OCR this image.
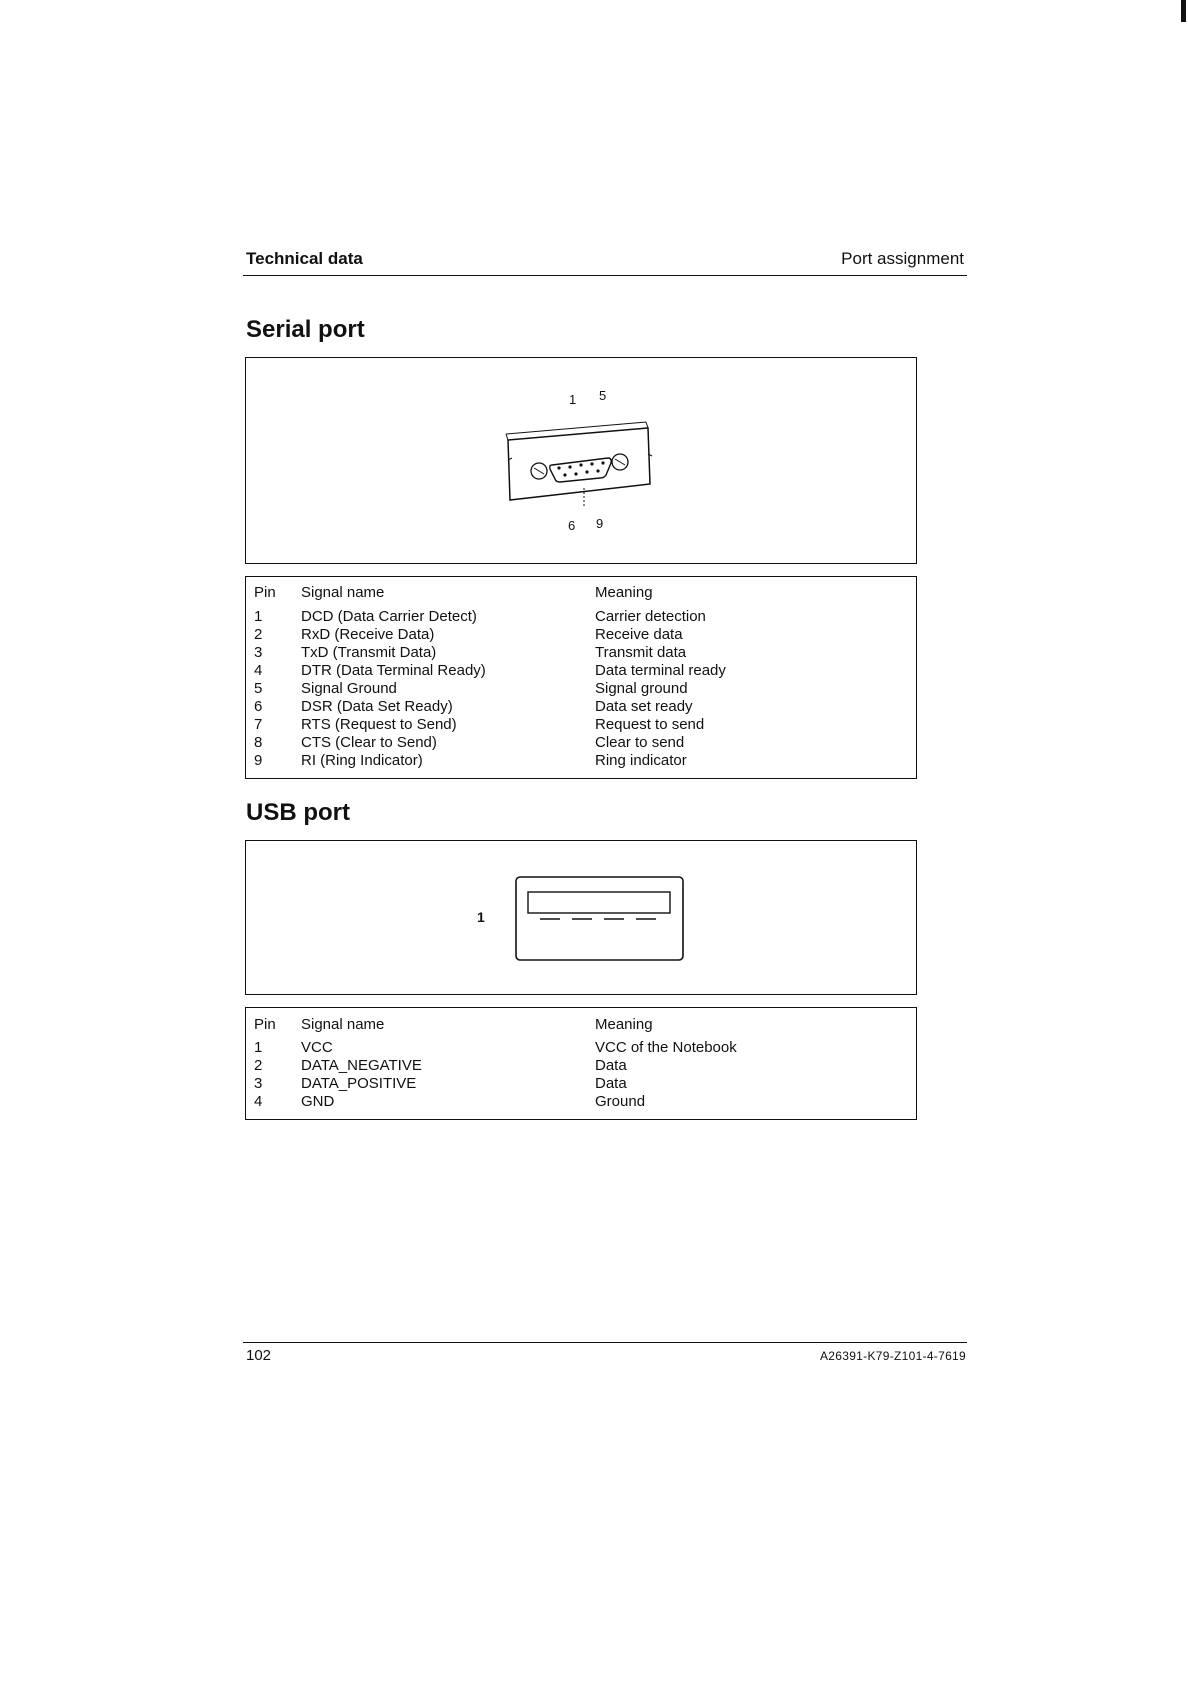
Technical data	Port assignment
Serial port
1 5
6 9
Pin Signal name	Meaning
1	DCD (Data Carrier Detect)	Carrier detection
2	RxD (Receive Data)	Receive data
3	TxD (Transmit Data)	Transmit data
4	DTR (Data Terminal Ready)	Data terminal ready
5	Signal Ground	Signal ground
6	DSR (Data Set Ready)	Data set ready
7	RTS (Request to Send)	Request to send
8	CTS (Clear to Send)	Clear to send
9	RI (Ring Indicator)	Ring indicator
USB port
1
Pin Signal name	Meaning
1	VCC	VCC of the Notebook
2	DATA_NEGATIVE	Data
3	DATA_POSITIVE	Data
4	GND	Ground
102	A26391-K79-Z101-4-7619
